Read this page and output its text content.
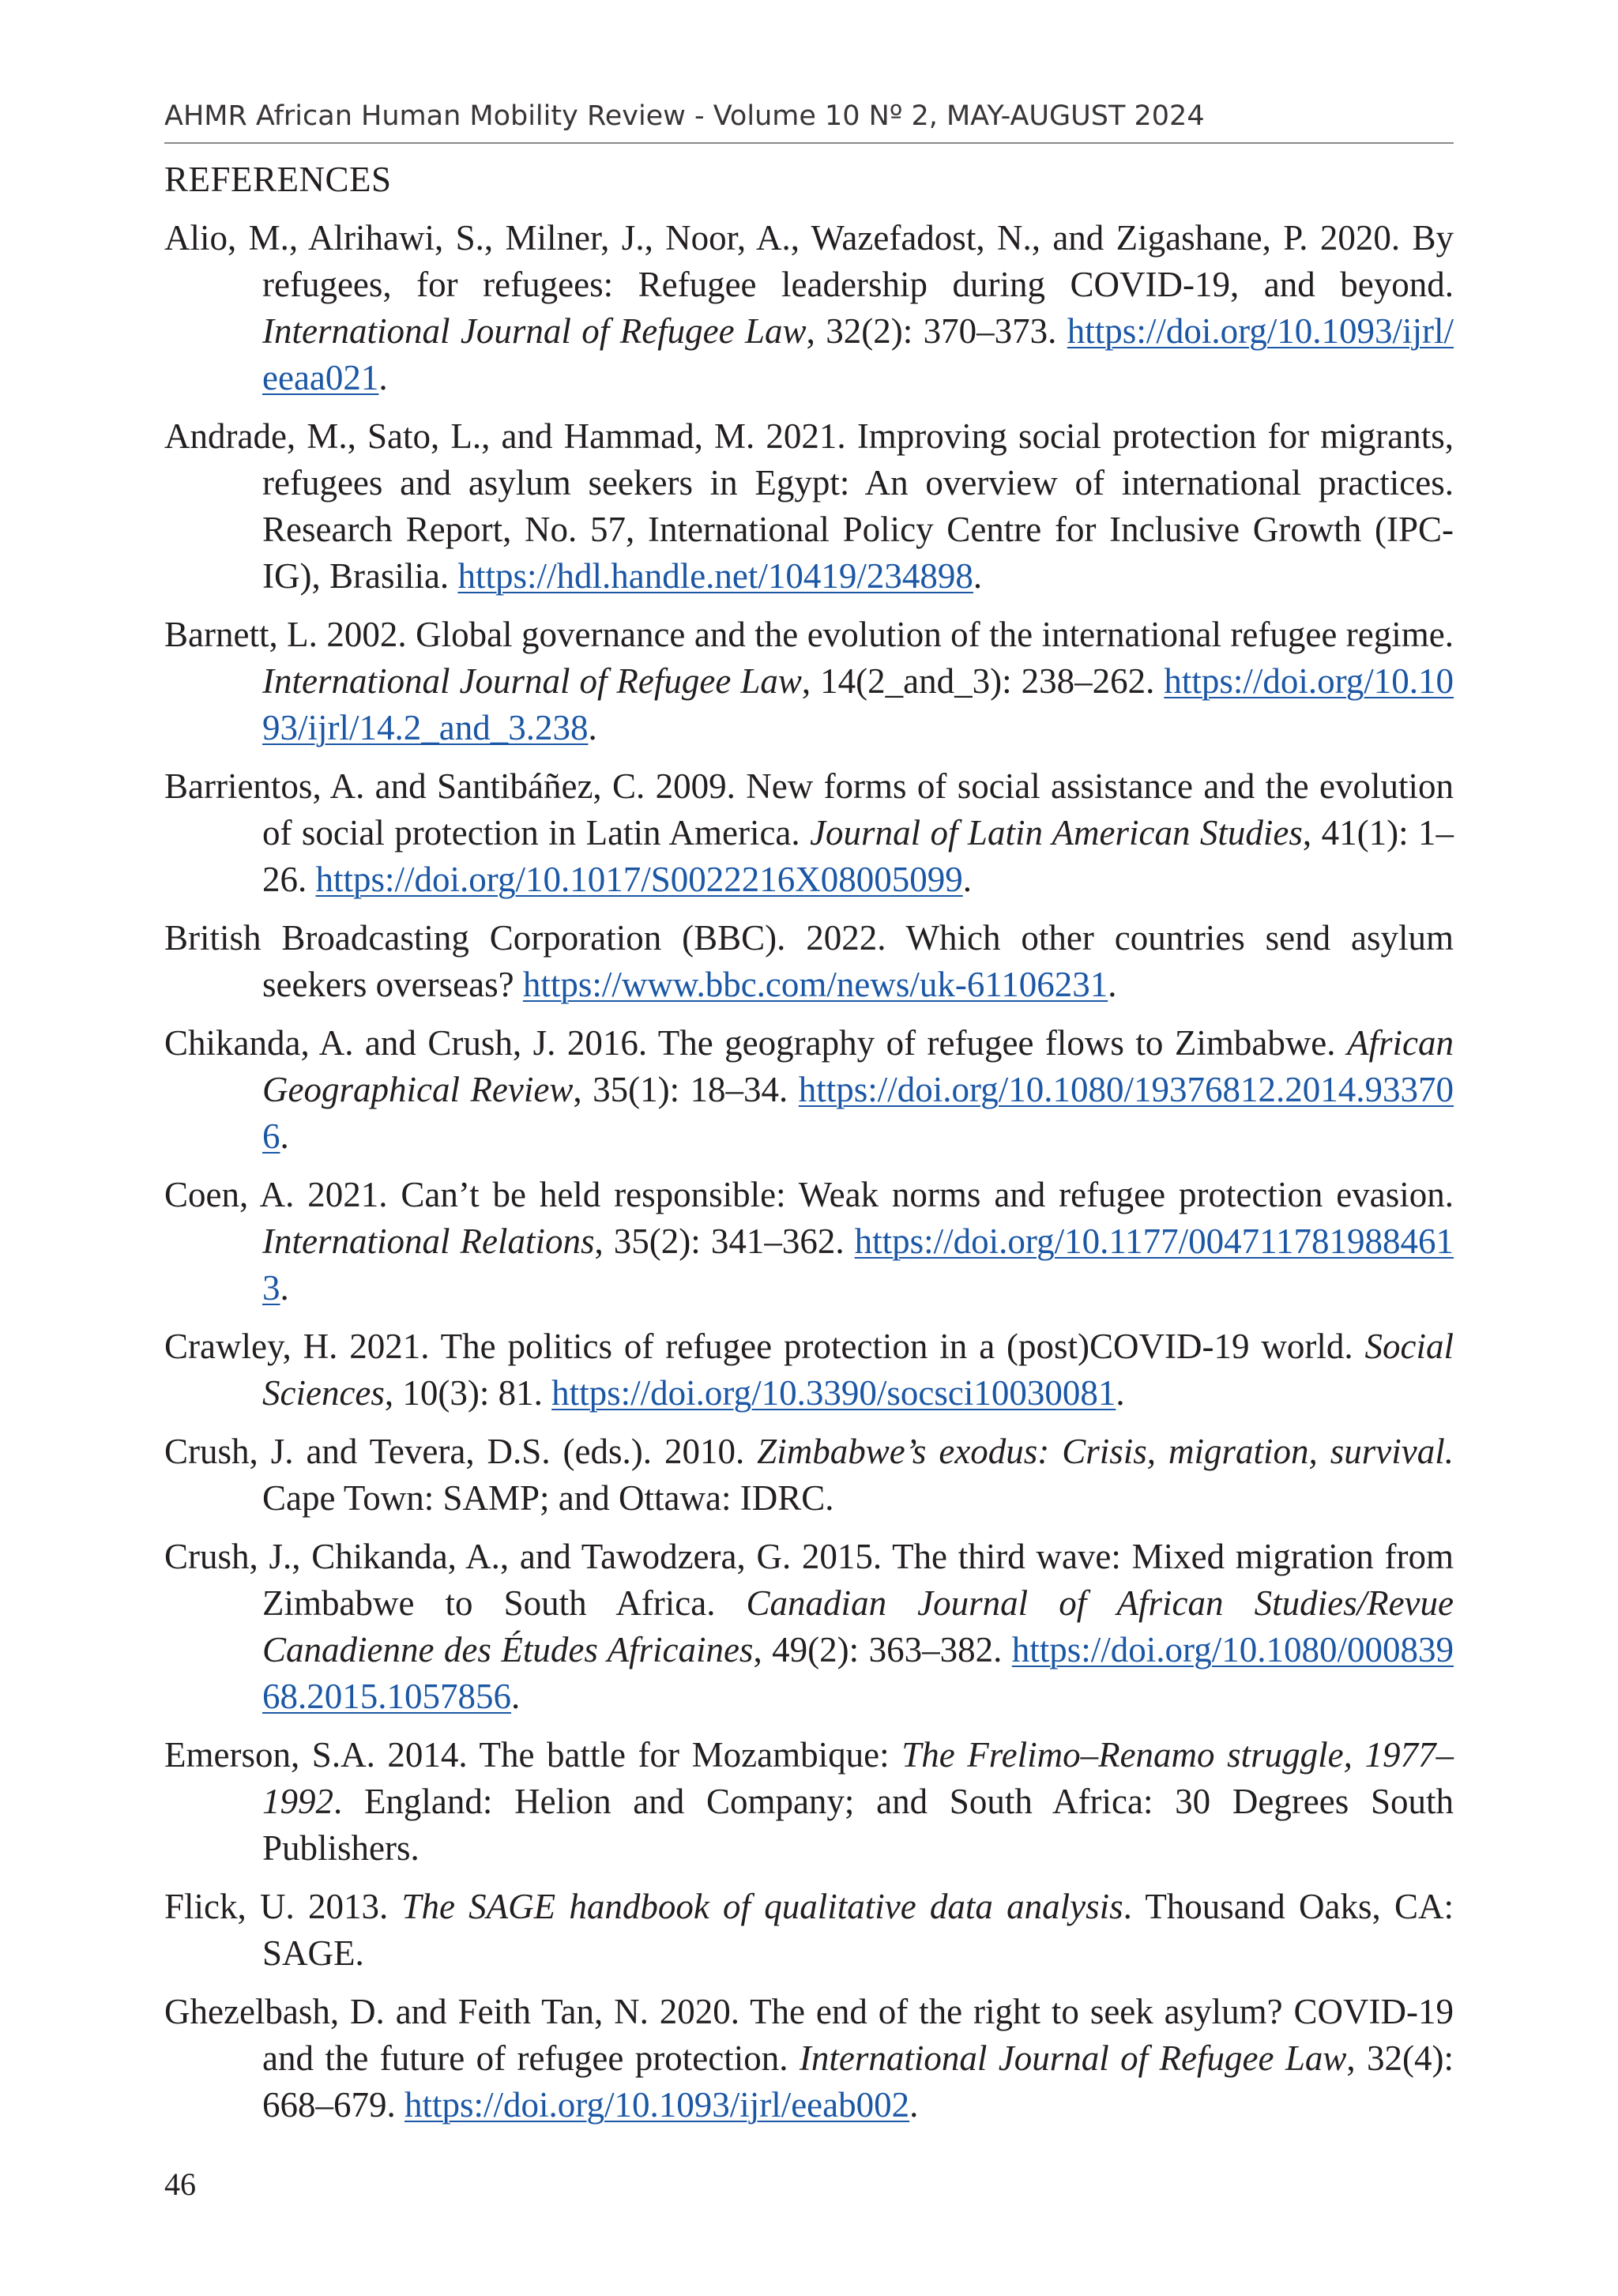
AHMR African Human Mobility Review - Volume 10 Nº 2, MAY-AUGUST 2024
REFERENCES

Alio, M., Alrihawi, S., Milner, J., Noor, A., Wazefadost, N., and Zigashane, P. 2020. By refugees, for refugees: Refugee leadership during COVID-19, and beyond. International Journal of Refugee Law, 32(2): 370–373. https://doi.org/10.1093/ijrl/eeaa021.

Andrade, M., Sato, L., and Hammad, M. 2021. Improving social protection for migrants, refugees and asylum seekers in Egypt: An overview of international practices. Research Report, No. 57, International Policy Centre for Inclusive Growth (IPC-IG), Brasilia. https://hdl.handle.net/10419/234898.

Barnett, L. 2002. Global governance and the evolution of the international refugee regime. International Journal of Refugee Law, 14(2_and_3): 238–262. https://doi.org/10.1093/ijrl/14.2_and_3.238.

Barrientos, A. and Santibáñez, C. 2009. New forms of social assistance and the evolution of social protection in Latin America. Journal of Latin American Studies, 41(1): 1–26. https://doi.org/10.1017/S0022216X08005099.

British Broadcasting Corporation (BBC). 2022. Which other countries send asylum seekers overseas? https://www.bbc.com/news/uk-61106231.

Chikanda, A. and Crush, J. 2016. The geography of refugee flows to Zimbabwe. African Geographical Review, 35(1): 18–34. https://doi.org/10.1080/19376812.2014.933706.

Coen, A. 2021. Can’t be held responsible: Weak norms and refugee protection evasion. International Relations, 35(2): 341–362. https://doi.org/10.1177/0047117819884613.

Crawley, H. 2021. The politics of refugee protection in a (post)COVID-19 world. Social Sciences, 10(3): 81. https://doi.org/10.3390/socsci10030081.

Crush, J. and Tevera, D.S. (eds.). 2010. Zimbabwe’s exodus: Crisis, migration, survival. Cape Town: SAMP; and Ottawa: IDRC.

Crush, J., Chikanda, A., and Tawodzera, G. 2015. The third wave: Mixed migration from Zimbabwe to South Africa. Canadian Journal of African Studies/Revue Canadienne des Études Africaines, 49(2): 363–382. https://doi.org/10.1080/00083968.2015.1057856.

Emerson, S.A. 2014. The battle for Mozambique: The Frelimo–Renamo struggle, 1977–1992. England: Helion and Company; and South Africa: 30 Degrees South Publishers.

Flick, U. 2013. The SAGE handbook of qualitative data analysis. Thousand Oaks, CA: SAGE.

Ghezelbash, D. and Feith Tan, N. 2020. The end of the right to seek asylum? COVID-19 and the future of refugee protection. International Journal of Refugee Law, 32(4): 668–679. https://doi.org/10.1093/ijrl/eeab002.

46
